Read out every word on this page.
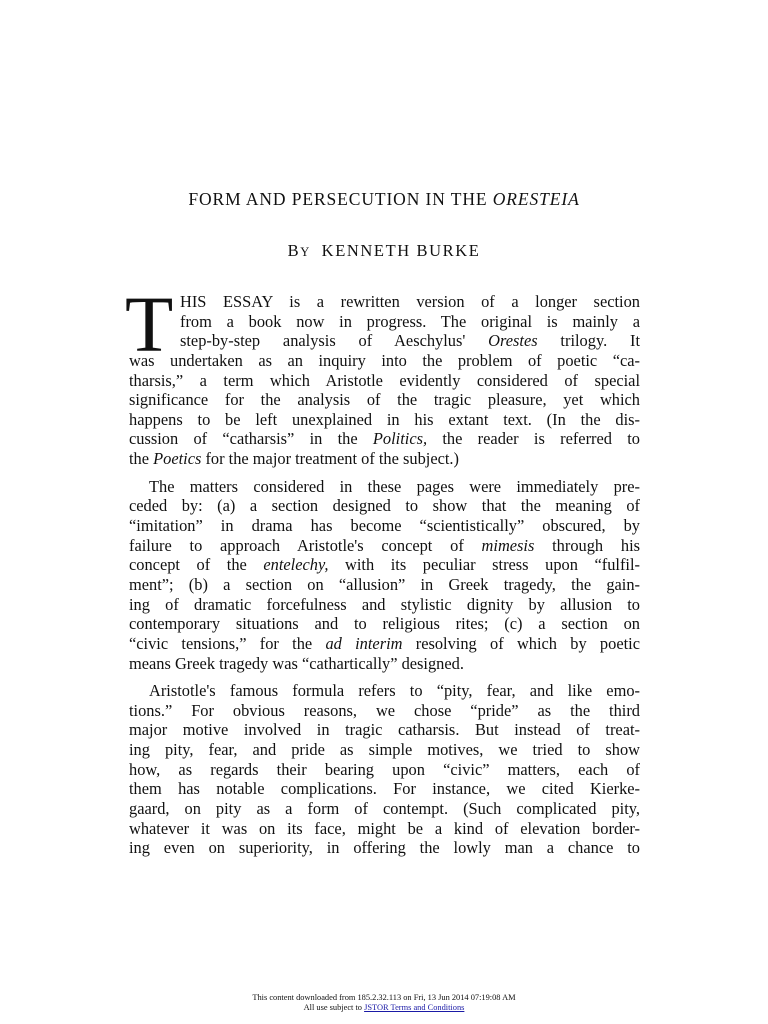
FORM AND PERSECUTION IN THE ORESTEIA
BY KENNETH BURKE
T HIS ESSAY is a rewritten version of a longer section
from a book now in progress. The original is mainly a
step-by-step analysis of Aeschylus' Orestes trilogy. It
was undertaken as an inquiry into the problem of poetic “ca-
tharsis,” a term which Aristotle evidently considered of special
significance for the analysis of the tragic pleasure, yet which
happens to be left unexplained in his extant text. (In the dis-
cussion of “catharsis” in the Politics, the reader is referred to
the Poetics for the major treatment of the subject.)
The matters considered in these pages were immediately pre-
ceded by: (a) a section designed to show that the meaning of
“imitation” in drama has become “scientistically” obscured, by
failure to approach Aristotle's concept of mimesis through his
concept of the entelechy, with its peculiar stress upon “fulfil-
ment”; (b) a section on “allusion” in Greek tragedy, the gain-
ing of dramatic forcefulness and stylistic dignity by allusion to
contemporary situations and to religious rites; (c) a section on
“civic tensions,” for the ad interim resolving of which by poetic
means Greek tragedy was “cathartically” designed.
Aristotle's famous formula refers to “pity, fear, and like emo-
tions.” For obvious reasons, we chose “pride” as the third
major motive involved in tragic catharsis. But instead of treat-
ing pity, fear, and pride as simple motives, we tried to show
how, as regards their bearing upon “civic” matters, each of
them has notable complications. For instance, we cited Kierke-
gaard, on pity as a form of contempt. (Such complicated pity,
whatever it was on its face, might be a kind of elevation border-
ing even on superiority, in offering the lowly man a chance to
This content downloaded from 185.2.32.113 on Fri, 13 Jun 2014 07:19:08 AM
All use subject to JSTOR Terms and Conditions
